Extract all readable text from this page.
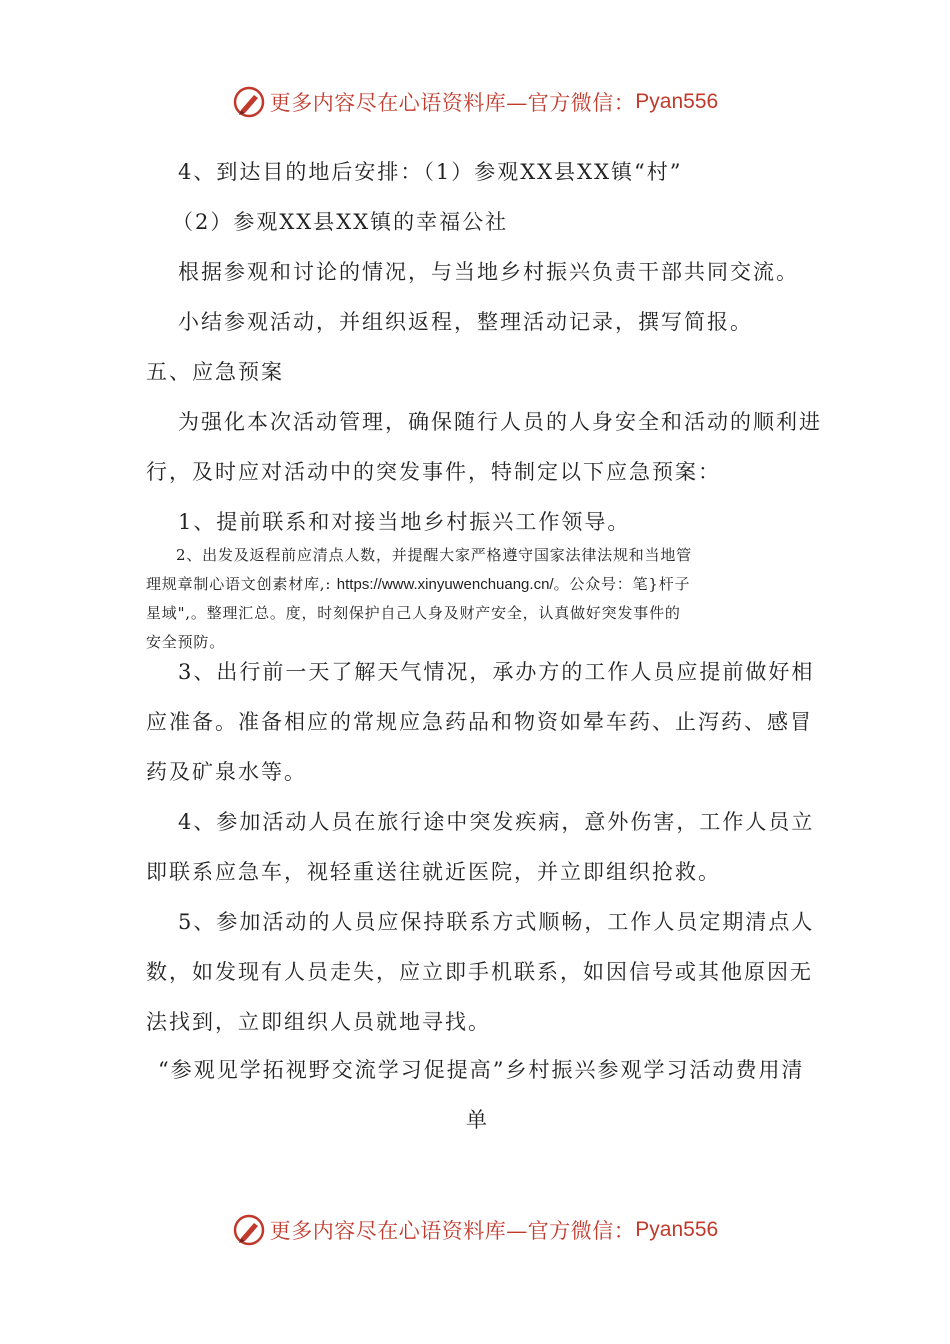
更多内容尽在心语资料库—官方微信： Pyan556
4、到达目的地后安排：（1）参观XX县XX镇“村”
（2）参观XX县XX镇的幸福公社
根据参观和讨论的情况，与当地乡村振兴负责干部共同交流。
小结参观活动，并组织返程，整理活动记录，撰写简报。
五、应急预案
为强化本次活动管理，确保随行人员的人身安全和活动的顺利进
行，及时应对活动中的突发事件，特制定以下应急预案：
1、提前联系和对接当地乡村振兴工作领导。
2、出发及返程前应清点人数，并提醒大家严格遵守国家法律法规和当地管
理规章制心语文创素材库,: https://www.xinyuwenchuang.cn/。公众号：笔}杆子
星域",。整理汇总。度，时刻保护自己人身及财产安全，认真做好突发事件的
安全预防。
3、出行前一天了解天气情况，承办方的工作人员应提前做好相
应准备。准备相应的常规应急药品和物资如晕车药、止泻药、感冒
药及矿泉水等。
4、参加活动人员在旅行途中突发疾病，意外伤害，工作人员立
即联系应急车，视轻重送往就近医院，并立即组织抢救。
5、参加活动的人员应保持联系方式顺畅，工作人员定期清点人
数，如发现有人员走失，应立即手机联系，如因信号或其他原因无
法找到，立即组织人员就地寻找。
“参观见学拓视野交流学习促提高”乡村振兴参观学习活动费用清
单
更多内容尽在心语资料库—官方微信： Pyan556
